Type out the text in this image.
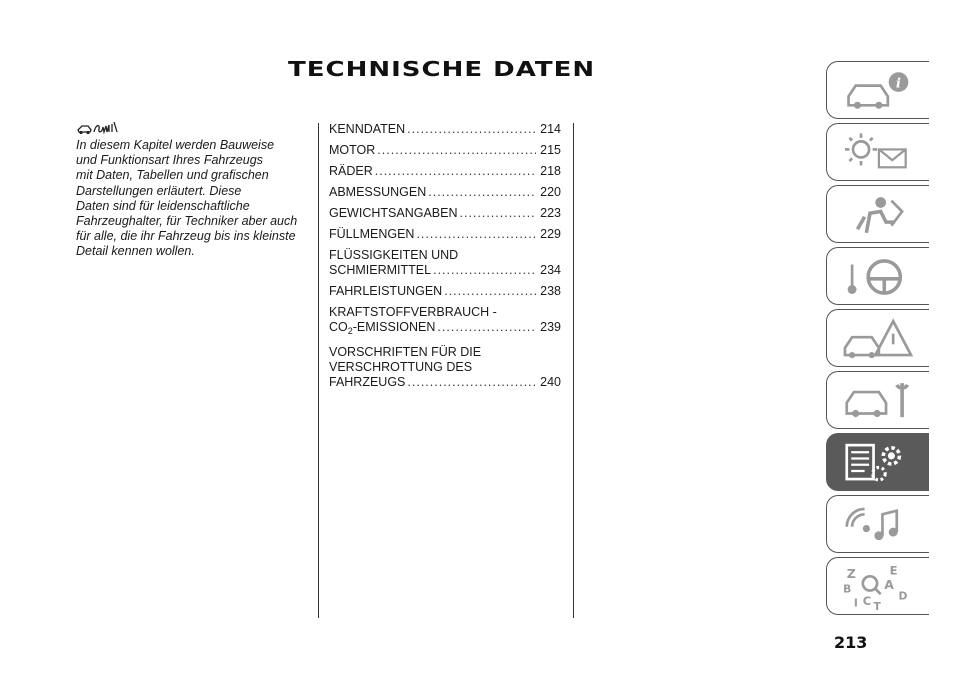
TECHNISCHE DATEN
In diesem Kapitel werden Bauweise
und Funktionsart Ihres Fahrzeugs
mit Daten, Tabellen und grafischen
Darstellungen erläutert. Diese
Daten sind für leidenschaftliche
Fahrzeughalter, für Techniker aber auch
für alle, die ihr Fahrzeug bis ins kleinste
Detail kennen wollen.
KENNDATEN .....	214
MOTOR .....	215
RÄDER .....	218
ABMESSUNGEN .....	220
GEWICHTSANGABEN .....	223
FÜLLMENGEN .....	229
FLÜSSIGKEITEN UND
SCHMIERMITTEL .....	234
FAHRLEISTUNGEN .....	238
KRAFTSTOFFVERBRAUCH -
$CO_2$-EMISSIONEN .....	239
VORSCHRIFTEN FÜR DIE
VERSCHROTTUNG DES
FAHRZEUGS .....	240
i
Z	E
A
B
D
I C T
213
